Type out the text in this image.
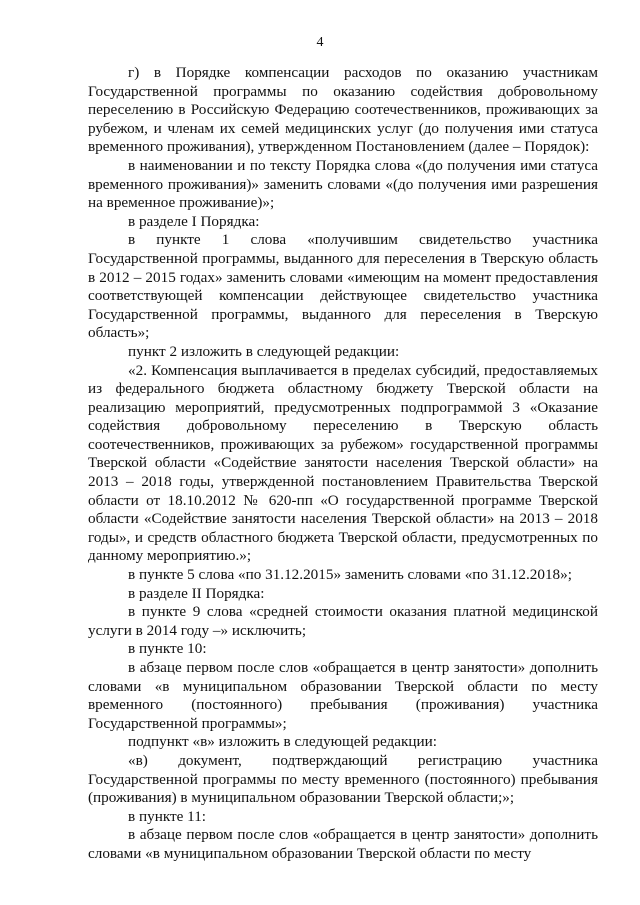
4

г) в Порядке компенсации расходов по оказанию участникам Государственной программы по оказанию содействия добровольному переселению в Российскую Федерацию соотечественников, проживающих за рубежом, и членам их семей медицинских услуг (до получения ими статуса временного проживания), утвержденном Постановлением (далее – Порядок):

в наименовании и по тексту Порядка слова «(до получения ими статуса временного проживания)» заменить словами «(до получения ими разрешения на временное проживание)»;

в разделе I Порядка:

в пункте 1 слова «получившим свидетельство участника Государственной программы, выданного для переселения в Тверскую область в 2012 – 2015 годах» заменить словами «имеющим на момент предоставления соответствующей компенсации действующее свидетельство участника Государственной программы, выданного для переселения в Тверскую область»;

пункт 2 изложить в следующей редакции:

«2. Компенсация выплачивается в пределах субсидий, предоставляемых из федерального бюджета областному бюджету Тверской области на реализацию мероприятий, предусмотренных подпрограммой 3 «Оказание содействия добровольному переселению в Тверскую область соотечественников, проживающих за рубежом» государственной программы Тверской области «Содействие занятости населения Тверской области» на 2013 – 2018 годы, утвержденной постановлением Правительства Тверской области от 18.10.2012 № 620-пп «О государственной программе Тверской области «Содействие занятости населения Тверской области» на 2013 – 2018 годы», и средств областного бюджета Тверской области, предусмотренных по данному мероприятию.»;

в пункте 5 слова «по 31.12.2015» заменить словами «по 31.12.2018»;

в разделе II Порядка:

в пункте 9 слова «средней стоимости оказания платной медицинской услуги в 2014 году –» исключить;

в пункте 10:

в абзаце первом после слов «обращается в центр занятости» дополнить словами «в муниципальном образовании Тверской области по месту временного (постоянного) пребывания (проживания) участника Государственной программы»;

подпункт «в» изложить в следующей редакции:

«в) документ, подтверждающий регистрацию участника Государственной программы по месту временного (постоянного) пребывания (проживания) в муниципальном образовании Тверской области;»;

в пункте 11:

в абзаце первом после слов «обращается в центр занятости» дополнить словами «в муниципальном образовании Тверской области по месту
